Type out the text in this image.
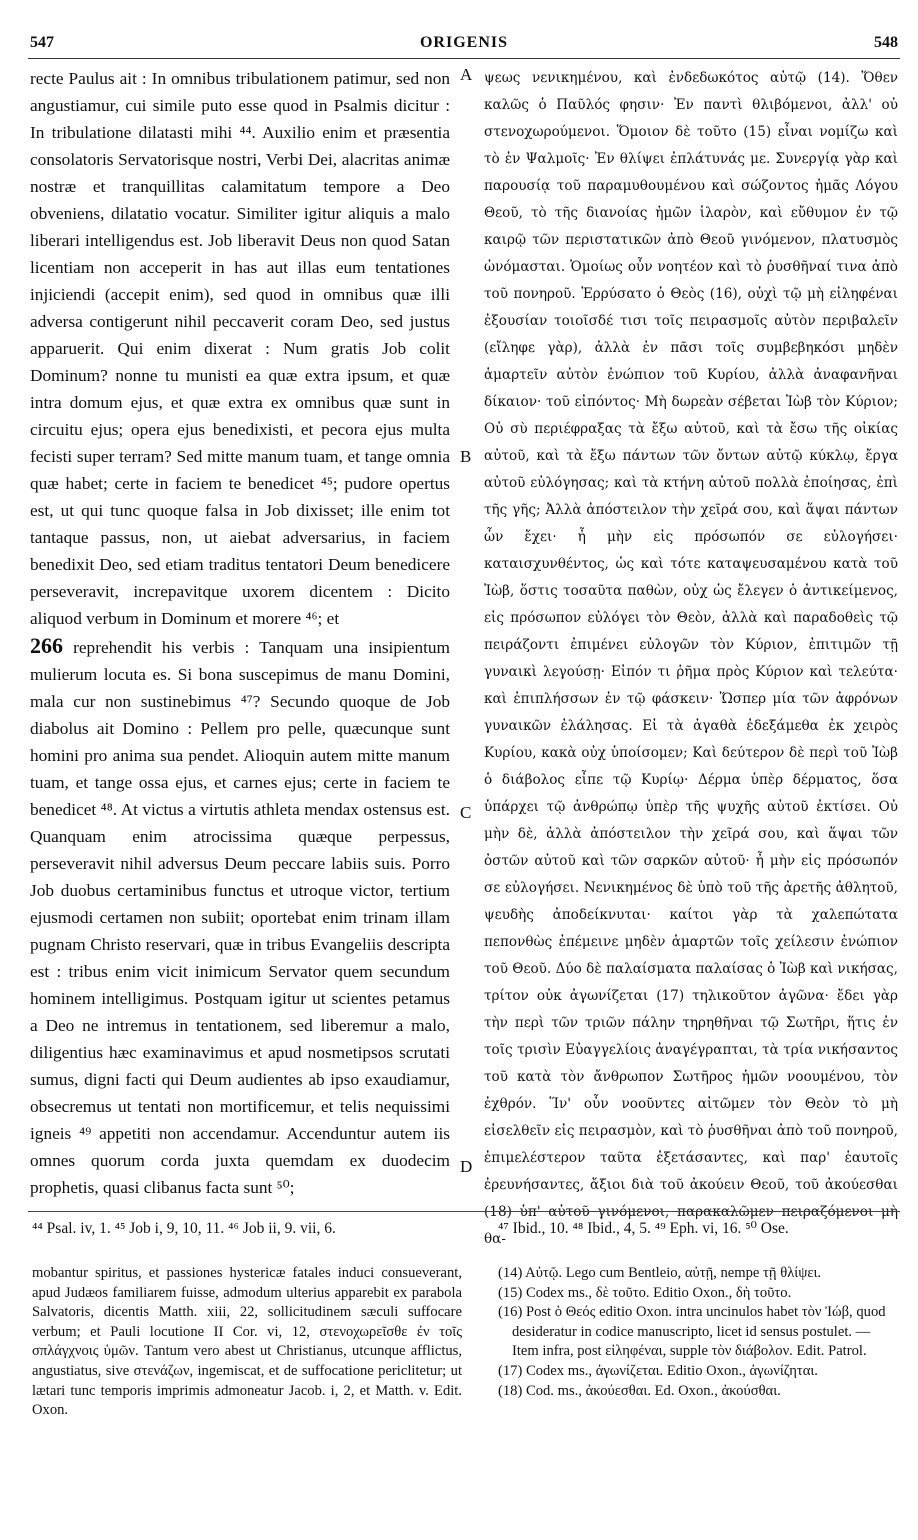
547	ORIGENIS	548

recte Paulus ait : In omnibus tribulationem patimur, sed non angustiamur, cui simile puto esse quod in Psalmis dicitur : In tribulatione dilatasti mihi ⁴⁴. Auxilio enim et præsentia consolatoris Servatorisque nostri, Verbi Dei, alacritas animæ nostræ et tranquillitas calamitatum tempore a Deo obveniens, dilatatio vocatur. Similiter igitur aliquis a malo liberari intelligendus est. Job liberavit Deus non quod Satan licentiam non acceperit in has aut illas eum tentationes injiciendi (accepit enim), sed quod in omnibus quæ illi adversa contigerunt nihil peccaverit coram Deo, sed justus apparuerit. Qui enim dixerat : Num gratis Job colit Dominum? nonne tu munisti ea quæ extra ipsum, et quæ intra domum ejus, et quæ extra ex omnibus quæ sunt in circuitu ejus; opera ejus benedixisti, et pecora ejus multa fecisti super terram? Sed mitte manum tuam, et tange omnia quæ habet; certe in faciem te benedicet ⁴⁵; pudore opertus est, ut qui tunc quoque falsa in Job dixisset; ille enim tot tantaque passus, non, ut aiebat adversarius, in faciem benedixit Deo, sed etiam traditus tentatori Deum benedicere perseveravit, increpavitque uxorem dicentem : Dicito aliquod verbum in Dominum et morere ⁴⁶; et

266 reprehendit his verbis : Tanquam una insipientum mulierum locuta es. Si bona suscepimus de manu Domini, mala cur non sustinebimus ⁴⁷? Secundo quoque de Job diabolus ait Domino : Pellem pro pelle, quæcunque sunt homini pro anima sua pendet. Alioquin autem mitte manum tuam, et tange ossa ejus, et carnes ejus; certe in faciem te benedicet ⁴⁸. At victus a virtutis athleta mendax ostensus est. Quanquam enim atrocissima quæque perpessus, perseveravit nihil adversus Deum peccare labiis suis. Porro Job duobus certaminibus functus et utroque victor, tertium ejusmodi certamen non subiit; oportebat enim trinam illam pugnam Christo reservari, quæ in tribus Evangeliis descripta est : tribus enim vicit inimicum Servator quem secundum hominem intelligimus. Postquam igitur ut scientes petamus a Deo ne intremus in tentationem, sed liberemur a malo, diligentius hæc examinavimus et apud nosmetipsos scrutati sumus, digni facti qui Deum audientes ab ipso exaudiamur, obsecremus ut tentati non mortificemur, et telis nequissimi igneis ⁴⁹ appetiti non accendamur. Accenduntur autem iis omnes quorum corda juxta quemdam ex duodecim prophetis, quasi clibanus facta sunt ⁵⁰;

A
B
C
D

ψεως νενικημένου, καὶ ἐνδεδωκότος αὐτῷ (14). Ὅθεν καλῶς ὁ Παῦλός φησιν· Ἐν παντὶ θλιβόμενοι, ἀλλ' οὐ στενοχωρούμενοι. Ὅμοιον δὲ τοῦτο (15) εἶναι νομίζω καὶ τὸ ἐν Ψαλμοῖς· Ἐν θλίψει ἐπλάτυνάς με. Συνεργίᾳ γὰρ καὶ παρουσίᾳ τοῦ παραμυθουμένου καὶ σώζοντος ἡμᾶς Λόγου Θεοῦ, τὸ τῆς διανοίας ἡμῶν ἱλαρὸν, καὶ εὔθυμον ἐν τῷ καιρῷ τῶν περιστατικῶν ἀπὸ Θεοῦ γινόμενον, πλατυσμὸς ὠνόμασται. Ὁμοίως οὖν νοητέον καὶ τὸ ῥυσθῆναί τινα ἀπὸ τοῦ πονηροῦ. Ἐρρύσατο ὁ Θεὸς (16), οὐχὶ τῷ μὴ εἰληφέναι ἐξουσίαν τοιοῖσδέ τισι τοῖς πειρασμοῖς αὐτὸν περιβαλεῖν (εἴληφε γὰρ), ἀλλὰ ἐν πᾶσι τοῖς συμβεβηκόσι μηδὲν ἁμαρτεῖν αὐτὸν ἐνώπιον τοῦ Κυρίου, ἀλλὰ ἀναφανῆναι δίκαιον· τοῦ εἰπόντος· Μὴ δωρεὰν σέβεται Ἰὼβ τὸν Κύριον; Οὐ σὺ περιέφραξας τὰ ἔξω αὐτοῦ, καὶ τὰ ἔσω τῆς οἰκίας αὐτοῦ, καὶ τὰ ἔξω πάντων τῶν ὄντων αὐτῷ κύκλῳ, ἔργα αὐτοῦ εὐλόγησας; καὶ τὰ κτήνη αὐτοῦ πολλὰ ἐποίησας, ἐπὶ τῆς γῆς; Ἀλλὰ ἀπόστειλον τὴν χεῖρά σου, καὶ ἅψαι πάντων ὧν ἔχει· ἦ μὴν εἰς πρόσωπόν σε εὐλογήσει· καταισχυνθέντος, ὡς καὶ τότε καταψευσαμένου κατὰ τοῦ Ἰὼβ, ὅστις τοσαῦτα παθὼν, οὐχ ὡς ἔλεγεν ὁ ἀντικείμενος, εἰς πρόσωπον εὐλόγει τὸν Θεὸν, ἀλλὰ καὶ παραδοθεὶς τῷ πειράζοντι ἐπιμένει εὐλογῶν τὸν Κύριον, ἐπιτιμῶν τῇ γυναικὶ λεγούσῃ· Εἰπόν τι ῥῆμα πρὸς Κύριον καὶ τελεύτα· καὶ ἐπιπλήσσων ἐν τῷ φάσκειν· Ὥσπερ μία τῶν ἀφρόνων γυναικῶν ἐλάλησας. Εἰ τὰ ἀγαθὰ ἐδεξάμεθα ἐκ χειρὸς Κυρίου, κακὰ οὐχ ὑποίσομεν; Καὶ δεύτερον δὲ περὶ τοῦ Ἰὼβ ὁ διάβολος εἶπε τῷ Κυρίῳ· Δέρμα ὑπὲρ δέρματος, ὅσα ὑπάρχει τῷ ἀνθρώπῳ ὑπὲρ τῆς ψυχῆς αὐτοῦ ἐκτίσει. Οὐ μὴν δὲ, ἀλλὰ ἀπόστειλον τὴν χεῖρά σου, καὶ ἅψαι τῶν ὀστῶν αὐτοῦ καὶ τῶν σαρκῶν αὐτοῦ· ἦ μὴν εἰς πρόσωπόν σε εὐλογήσει. Νενικημένος δὲ ὑπὸ τοῦ τῆς ἀρετῆς ἀθλητοῦ, ψευδὴς ἀποδείκνυται· καίτοι γὰρ τὰ χαλεπώτατα πεπονθὼς ἐπέμεινε μηδὲν ἁμαρτῶν τοῖς χείλεσιν ἐνώπιον τοῦ Θεοῦ. Δύο δὲ παλαίσματα παλαίσας ὁ Ἰὼβ καὶ νικήσας, τρίτον οὐκ ἀγωνίζεται (17) τηλικοῦτον ἀγῶνα· ἔδει γὰρ τὴν περὶ τῶν τριῶν πάλην τηρηθῆναι τῷ Σωτῆρι, ἥτις ἐν τοῖς τρισὶν Εὐαγγελίοις ἀναγέγραπται, τὰ τρία νικήσαντος τοῦ κατὰ τὸν ἄνθρωπον Σωτῆρος ἡμῶν νοουμένου, τὸν ἐχθρόν. Ἵν' οὖν νοοῦντες αἰτῶμεν τὸν Θεὸν τὸ μὴ εἰσελθεῖν εἰς πειρασμὸν, καὶ τὸ ῥυσθῆναι ἀπὸ τοῦ πονηροῦ, ἐπιμελέστερον ταῦτα ἐξετάσαντες, καὶ παρ' ἑαυτοῖς ἐρευνήσαντες, ἄξιοι διὰ τοῦ ἀκούειν Θεοῦ, τοῦ ἀκούεσθαι (18) ὑπ' αὐτοῦ γινόμενοι, παρακαλῶμεν πειραζόμενοι μὴ θα-

⁴⁴ Psal. iv, 1. ⁴⁵ Job i, 9, 10, 11. ⁴⁶ Job ii, 9. vii, 6.	⁴⁷ Ibid., 10. ⁴⁸ Ibid., 4, 5. ⁴⁹ Eph. vi, 16. ⁵⁰ Ose.
mobantur spiritus, et passiones hystericæ fatales induci consueverant, apud Judæos familiarem fuisse, admodum ulterius apparebit ex parabola Salvatoris, dicentis Matth. xiii, 22, sollicitudinem sæculi suffocare verbum; et Pauli locutione II Cor. vi, 12, στενοχωρεῖσθε ἐν τοῖς σπλάγχνοις ὑμῶν. Tantum vero abest ut Christianus, utcunque afflictus, angustiatus, sive στενάζων, ingemiscat, et de suffocatione periclitetur; ut lætari tunc temporis imprimis admoneatur Jacob. i, 2, et Matth. v. Edit. Oxon.

(14) Αὐτῷ. Lego cum Bentleio, αὐτῇ, nempe τῇ θλίψει.

(15) Codex ms., δὲ τοῦτο. Editio Oxon., δὴ τοῦτο.

(16) Post ὁ Θεός editio Oxon. intra uncinulos habet τὸν Ἰώβ, quod desideratur in codice manuscripto, licet id sensus postulet. — Item infra, post εἰληφέναι, supple τὸν διάβολον. Edit. Patrol.

(17) Codex ms., ἀγωνίζεται. Editio Oxon., ἀγωνίζηται.

(18) Cod. ms., ἀκούεσθαι. Ed. Oxon., ἀκούσθαι.
